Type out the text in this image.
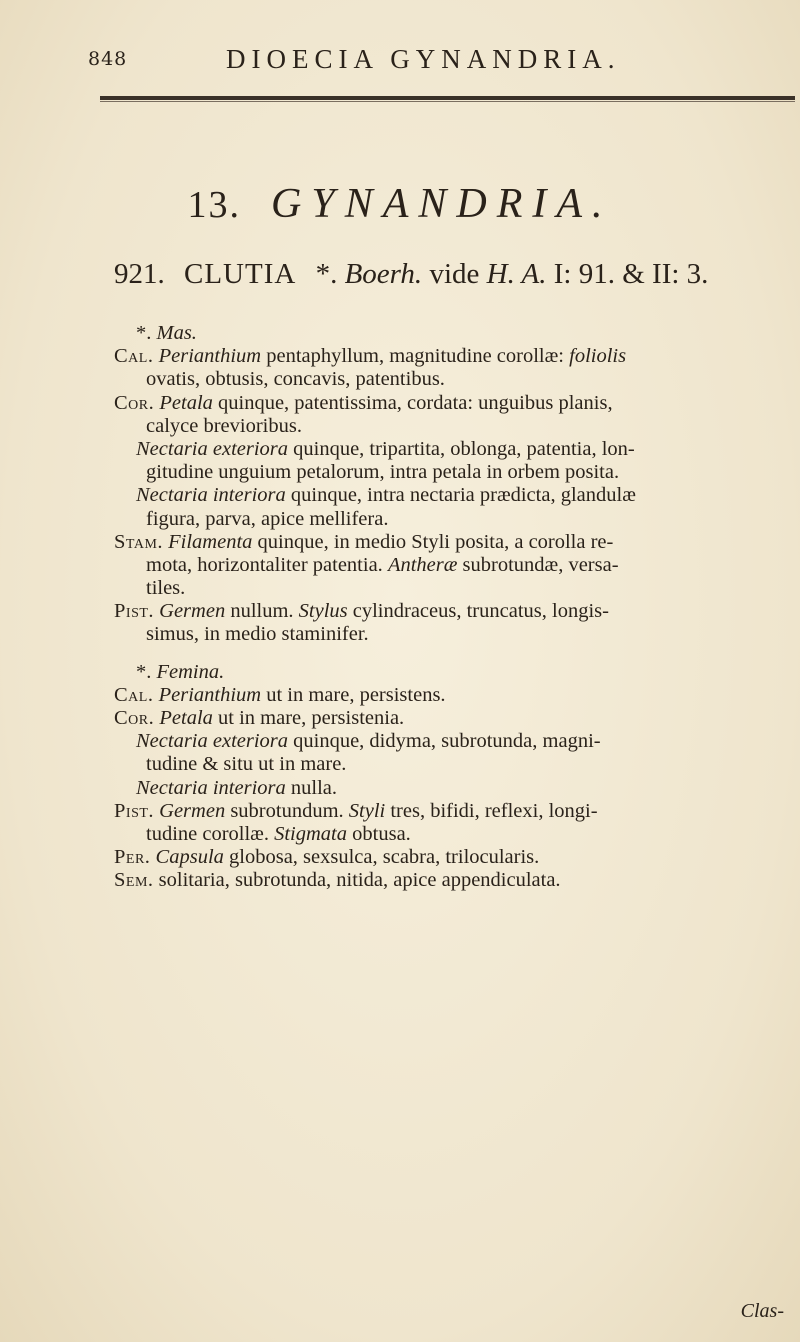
848	DIOECIA GYNANDRIA.
13. GYNANDRIA.
921. CLUTIA *. Boerh. vide H. A. I: 91. & II: 3.
*. Mas.
Cal. Perianthium pentaphyllum, magnitudine corollæ: foliolis
ovatis, obtusis, concavis, patentibus.
Cor. Petala quinque, patentissima, cordata: unguibus planis,
calyce brevioribus.
Nectaria exteriora quinque, tripartita, oblonga, patentia, lon-
gitudine unguium petalorum, intra petala in orbem posita.
Nectaria interiora quinque, intra nectaria prædicta, glandulæ
figura, parva, apice mellifera.
Stam. Filamenta quinque, in medio Styli posita, a corolla re-
mota, horizontaliter patentia. Antheræ subrotundæ, versa-
tiles.
Pist. Germen nullum. Stylus cylindraceus, truncatus, longis-
simus, in medio staminifer.
*. Femina.
Cal. Perianthium ut in mare, persistens.
Cor. Petala ut in mare, persistenia.
Nectaria exteriora quinque, didyma, subrotunda, magni-
tudine & situ ut in mare.
Nectaria interiora nulla.
Pist. Germen subrotundum. Styli tres, bifidi, reflexi, longi-
tudine corollæ. Stigmata obtusa.
Per. Capsula globosa, sexsulca, scabra, trilocularis.
Sem. solitaria, subrotunda, nitida, apice appendiculata.
Clas-
